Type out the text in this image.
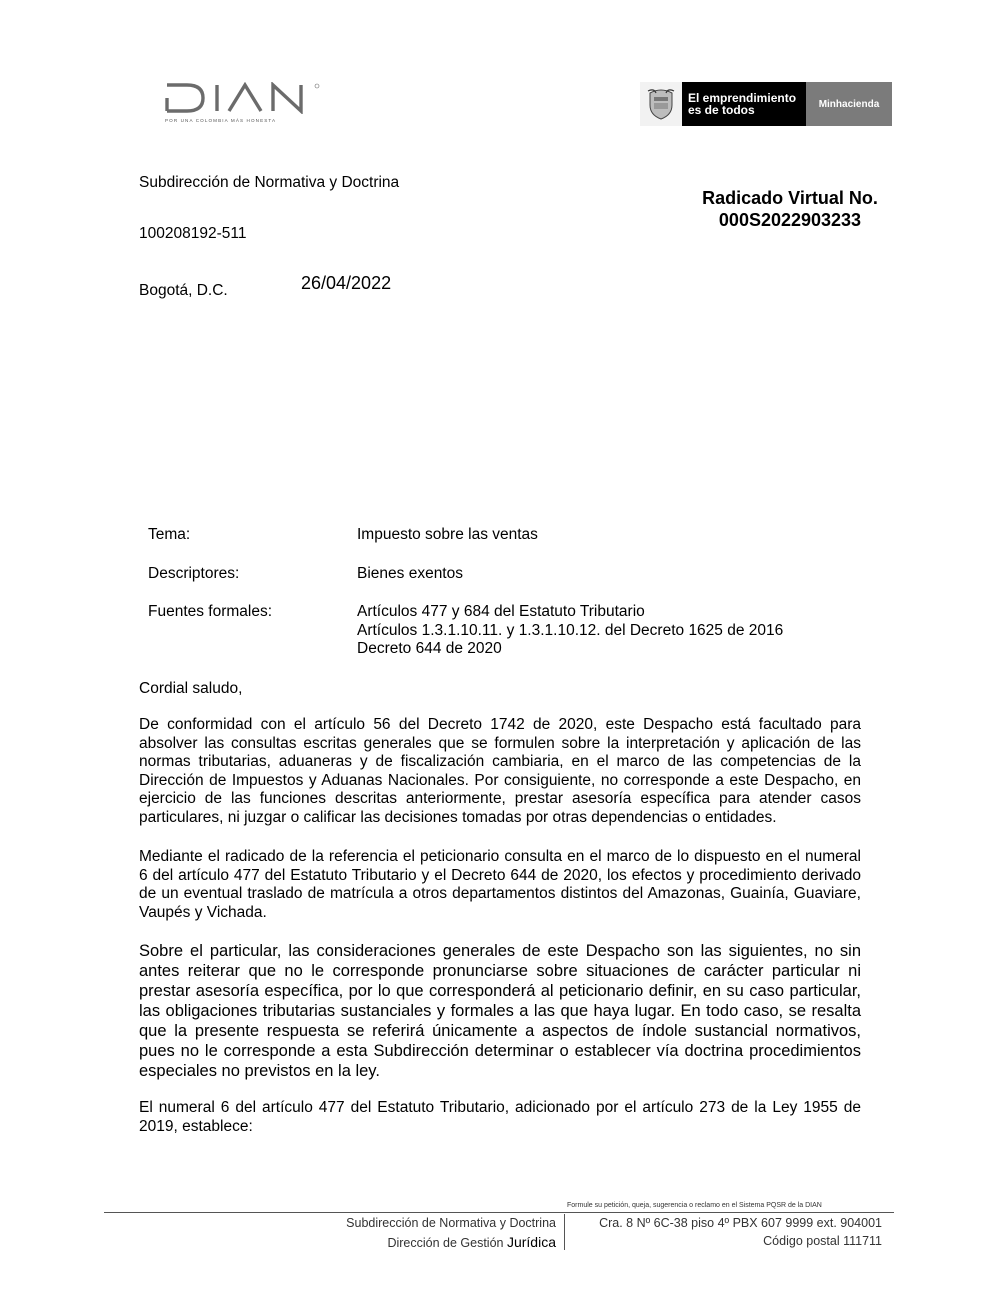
POR UNA COLOMBIA MÁS HONESTA
El emprendimiento
es de todos	Minhacienda
Subdirección de Normativa y Doctrina
Radicado Virtual No.
000S2022903233
100208192-511
Bogotá, D.C.	26/04/2022
Tema:	Impuesto sobre las ventas
Descriptores:	Bienes exentos
Fuentes formales:	Artículos 477 y 684 del Estatuto Tributario
Artículos 1.3.1.10.11. y 1.3.1.10.12. del Decreto 1625 de 2016
Decreto 644 de 2020
Cordial saludo,
De conformidad con el artículo 56 del Decreto 1742 de 2020, este Despacho está facultado para absolver las consultas escritas generales que se formulen sobre la interpretación y aplicación de las normas tributarias, aduaneras y de fiscalización cambiaria, en el marco de las competencias de la Dirección de Impuestos y Aduanas Nacionales. Por consiguiente, no corresponde a este Despacho, en ejercicio de las funciones descritas anteriormente, prestar asesoría específica para atender casos particulares, ni juzgar o calificar las decisiones tomadas por otras dependencias o entidades.
Mediante el radicado de la referencia el peticionario consulta en el marco de lo dispuesto en el numeral 6 del artículo 477 del Estatuto Tributario y el Decreto 644 de 2020, los efectos y procedimiento derivado de un eventual traslado de matrícula a otros departamentos distintos del Amazonas, Guainía, Guaviare, Vaupés y Vichada.
Sobre el particular, las consideraciones generales de este Despacho son las siguientes, no sin antes reiterar que no le corresponde pronunciarse sobre situaciones de carácter particular ni prestar asesoría específica, por lo que corresponderá al peticionario definir, en su caso particular, las obligaciones tributarias sustanciales y formales a las que haya lugar. En todo caso, se resalta que la presente respuesta se referirá únicamente a aspectos de índole sustancial normativos, pues no le corresponde a esta Subdirección determinar o establecer vía doctrina procedimientos especiales no previstos en la ley.
El numeral 6 del artículo 477 del Estatuto Tributario, adicionado por el artículo 273 de la Ley 1955 de 2019, establece:
Formule su petición, queja, sugerencia o reclamo en el Sistema PQSR de la DIAN
Subdirección de Normativa y Doctrina
Dirección de Gestión Jurídica
Cra. 8 Nº 6C-38 piso 4º PBX 607 9999 ext. 904001
Código postal 111711
